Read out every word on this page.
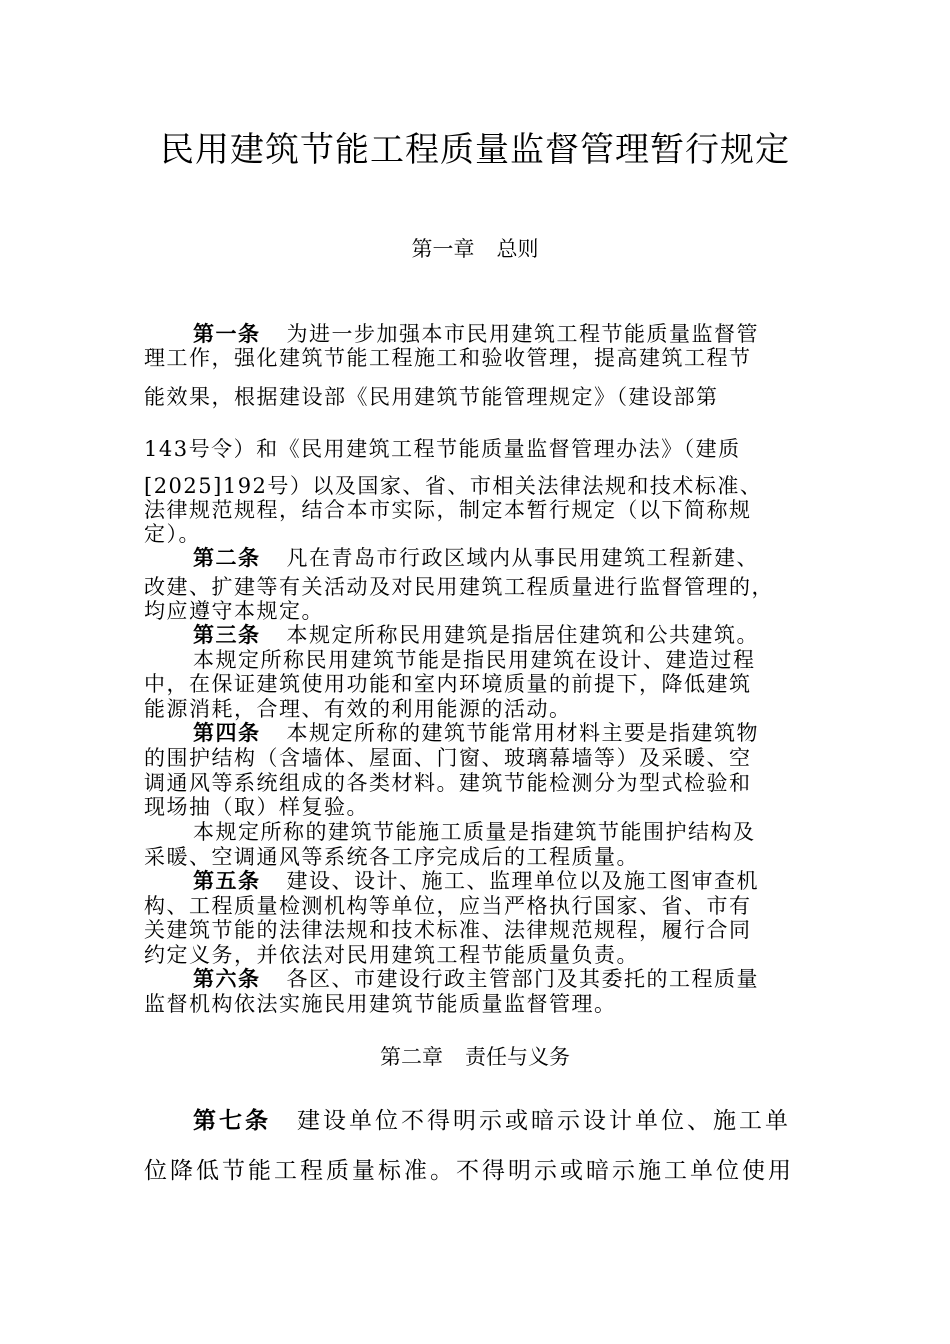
民用建筑节能工程质量监督管理暂行规定
第一章 总则
第一条 为进一步加强本市民用建筑工程节能质量监督管
理工作，强化建筑节能工程施工和验收管理，提高建筑工程节
能效果，根据建设部《民用建筑节能管理规定》（建设部第
143号令）和《民用建筑工程节能质量监督管理办法》（建质
[2025]192号）以及国家、省、市相关法律法规和技术标准、
法律规范规程，结合本市实际，制定本暂行规定（以下简称规
定）。
第二条 凡在青岛市行政区域内从事民用建筑工程新建、
改建、扩建等有关活动及对民用建筑工程质量进行监督管理的，
均应遵守本规定。
第三条 本规定所称民用建筑是指居住建筑和公共建筑。
本规定所称民用建筑节能是指民用建筑在设计、建造过程
中，在保证建筑使用功能和室内环境质量的前提下，降低建筑
能源消耗，合理、有效的利用能源的活动。
第四条 本规定所称的建筑节能常用材料主要是指建筑物
的围护结构（含墙体、屋面、门窗、玻璃幕墙等）及采暖、空
调通风等系统组成的各类材料。建筑节能检测分为型式检验和
现场抽（取）样复验。
本规定所称的建筑节能施工质量是指建筑节能围护结构及
采暖、空调通风等系统各工序完成后的工程质量。
第五条 建设、设计、施工、监理单位以及施工图审查机
构、工程质量检测机构等单位，应当严格执行国家、省、市有
关建筑节能的法律法规和技术标准、法律规范规程，履行合同
约定义务，并依法对民用建筑工程节能质量负责。
第六条 各区、市建设行政主管部门及其委托的工程质量
监督机构依法实施民用建筑节能质量监督管理。
第二章 责任与义务
第七条 建设单位不得明示或暗示设计单位、施工单
位降低节能工程质量标准。不得明示或暗示施工单位使用
